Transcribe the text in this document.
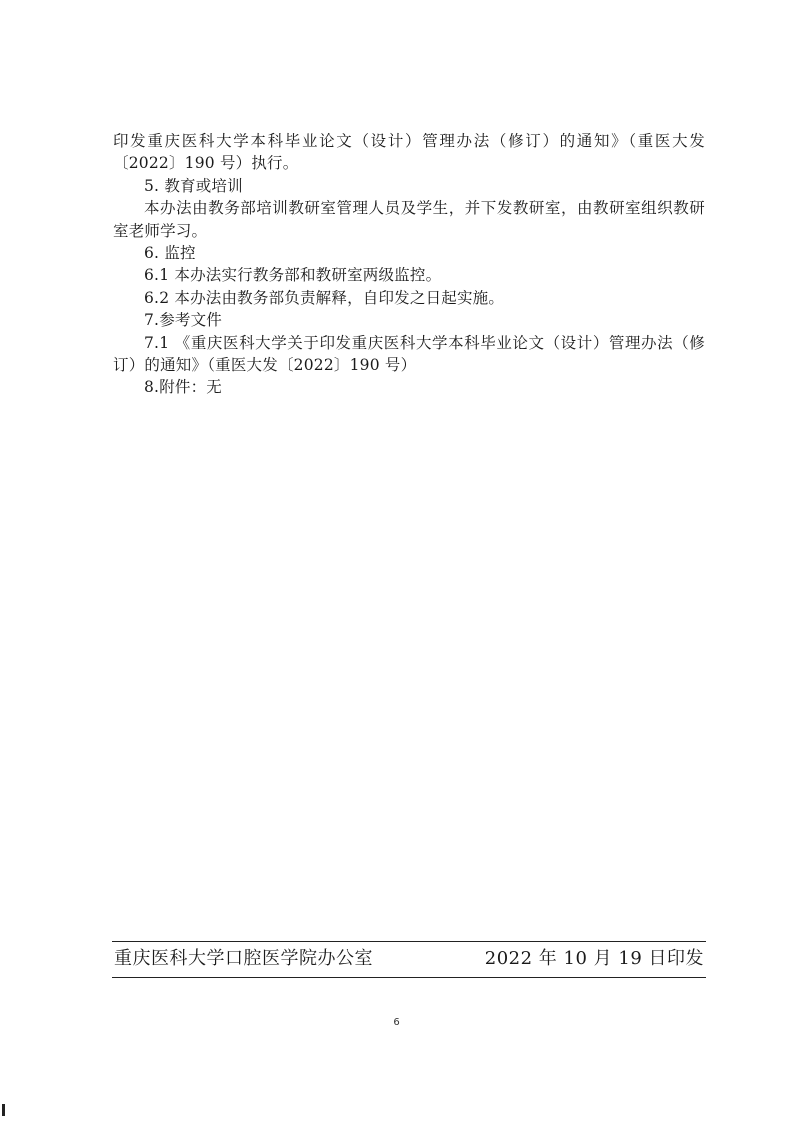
印发重庆医科大学本科毕业论文（设计）管理办法（修订）的通知》（重医大发〔2022〕190 号）执行。

5. 教育或培训

本办法由教务部培训教研室管理人员及学生，并下发教研室，由教研室组织教研室老师学习。

6. 监控

6.1 本办法实行教务部和教研室两级监控。

6.2 本办法由教务部负责解释，自印发之日起实施。

7.参考文件

7.1 《重庆医科大学关于印发重庆医科大学本科毕业论文（设计）管理办法（修订）的通知》（重医大发〔2022〕190 号）

8.附件：无

重庆医科大学口腔医学院办公室	2022 年 10 月 19 日印发
6
